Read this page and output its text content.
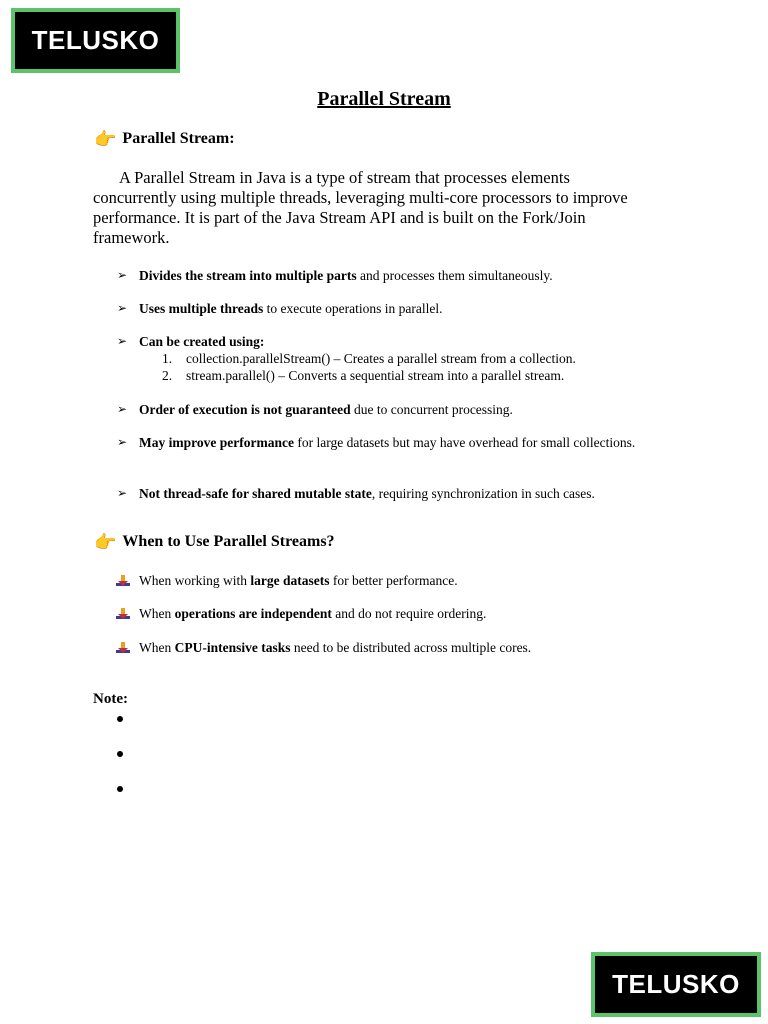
TELUSKO
Parallel Stream
👉 Parallel Stream:
A Parallel Stream in Java is a type of stream that processes elements concurrently using multiple threads, leveraging multi-core processors to improve performance. It is part of the Java Stream API and is built on the Fork/Join framework.
➢ Divides the stream into multiple parts and processes them simultaneously.
➢ Uses multiple threads to execute operations in parallel.
➢ Can be created using:
1. collection.parallelStream() – Creates a parallel stream from a collection.
2. stream.parallel() – Converts a sequential stream into a parallel stream.
➢ Order of execution is not guaranteed due to concurrent processing.
➢ May improve performance for large datasets but may have overhead for small collections.
➢ Not thread-safe for shared mutable state, requiring synchronization in such cases.
👉 When to Use Parallel Streams?
When working with large datasets for better performance.
When operations are independent and do not require ordering.
When CPU-intensive tasks need to be distributed across multiple cores.
Note:
TELUSKO
